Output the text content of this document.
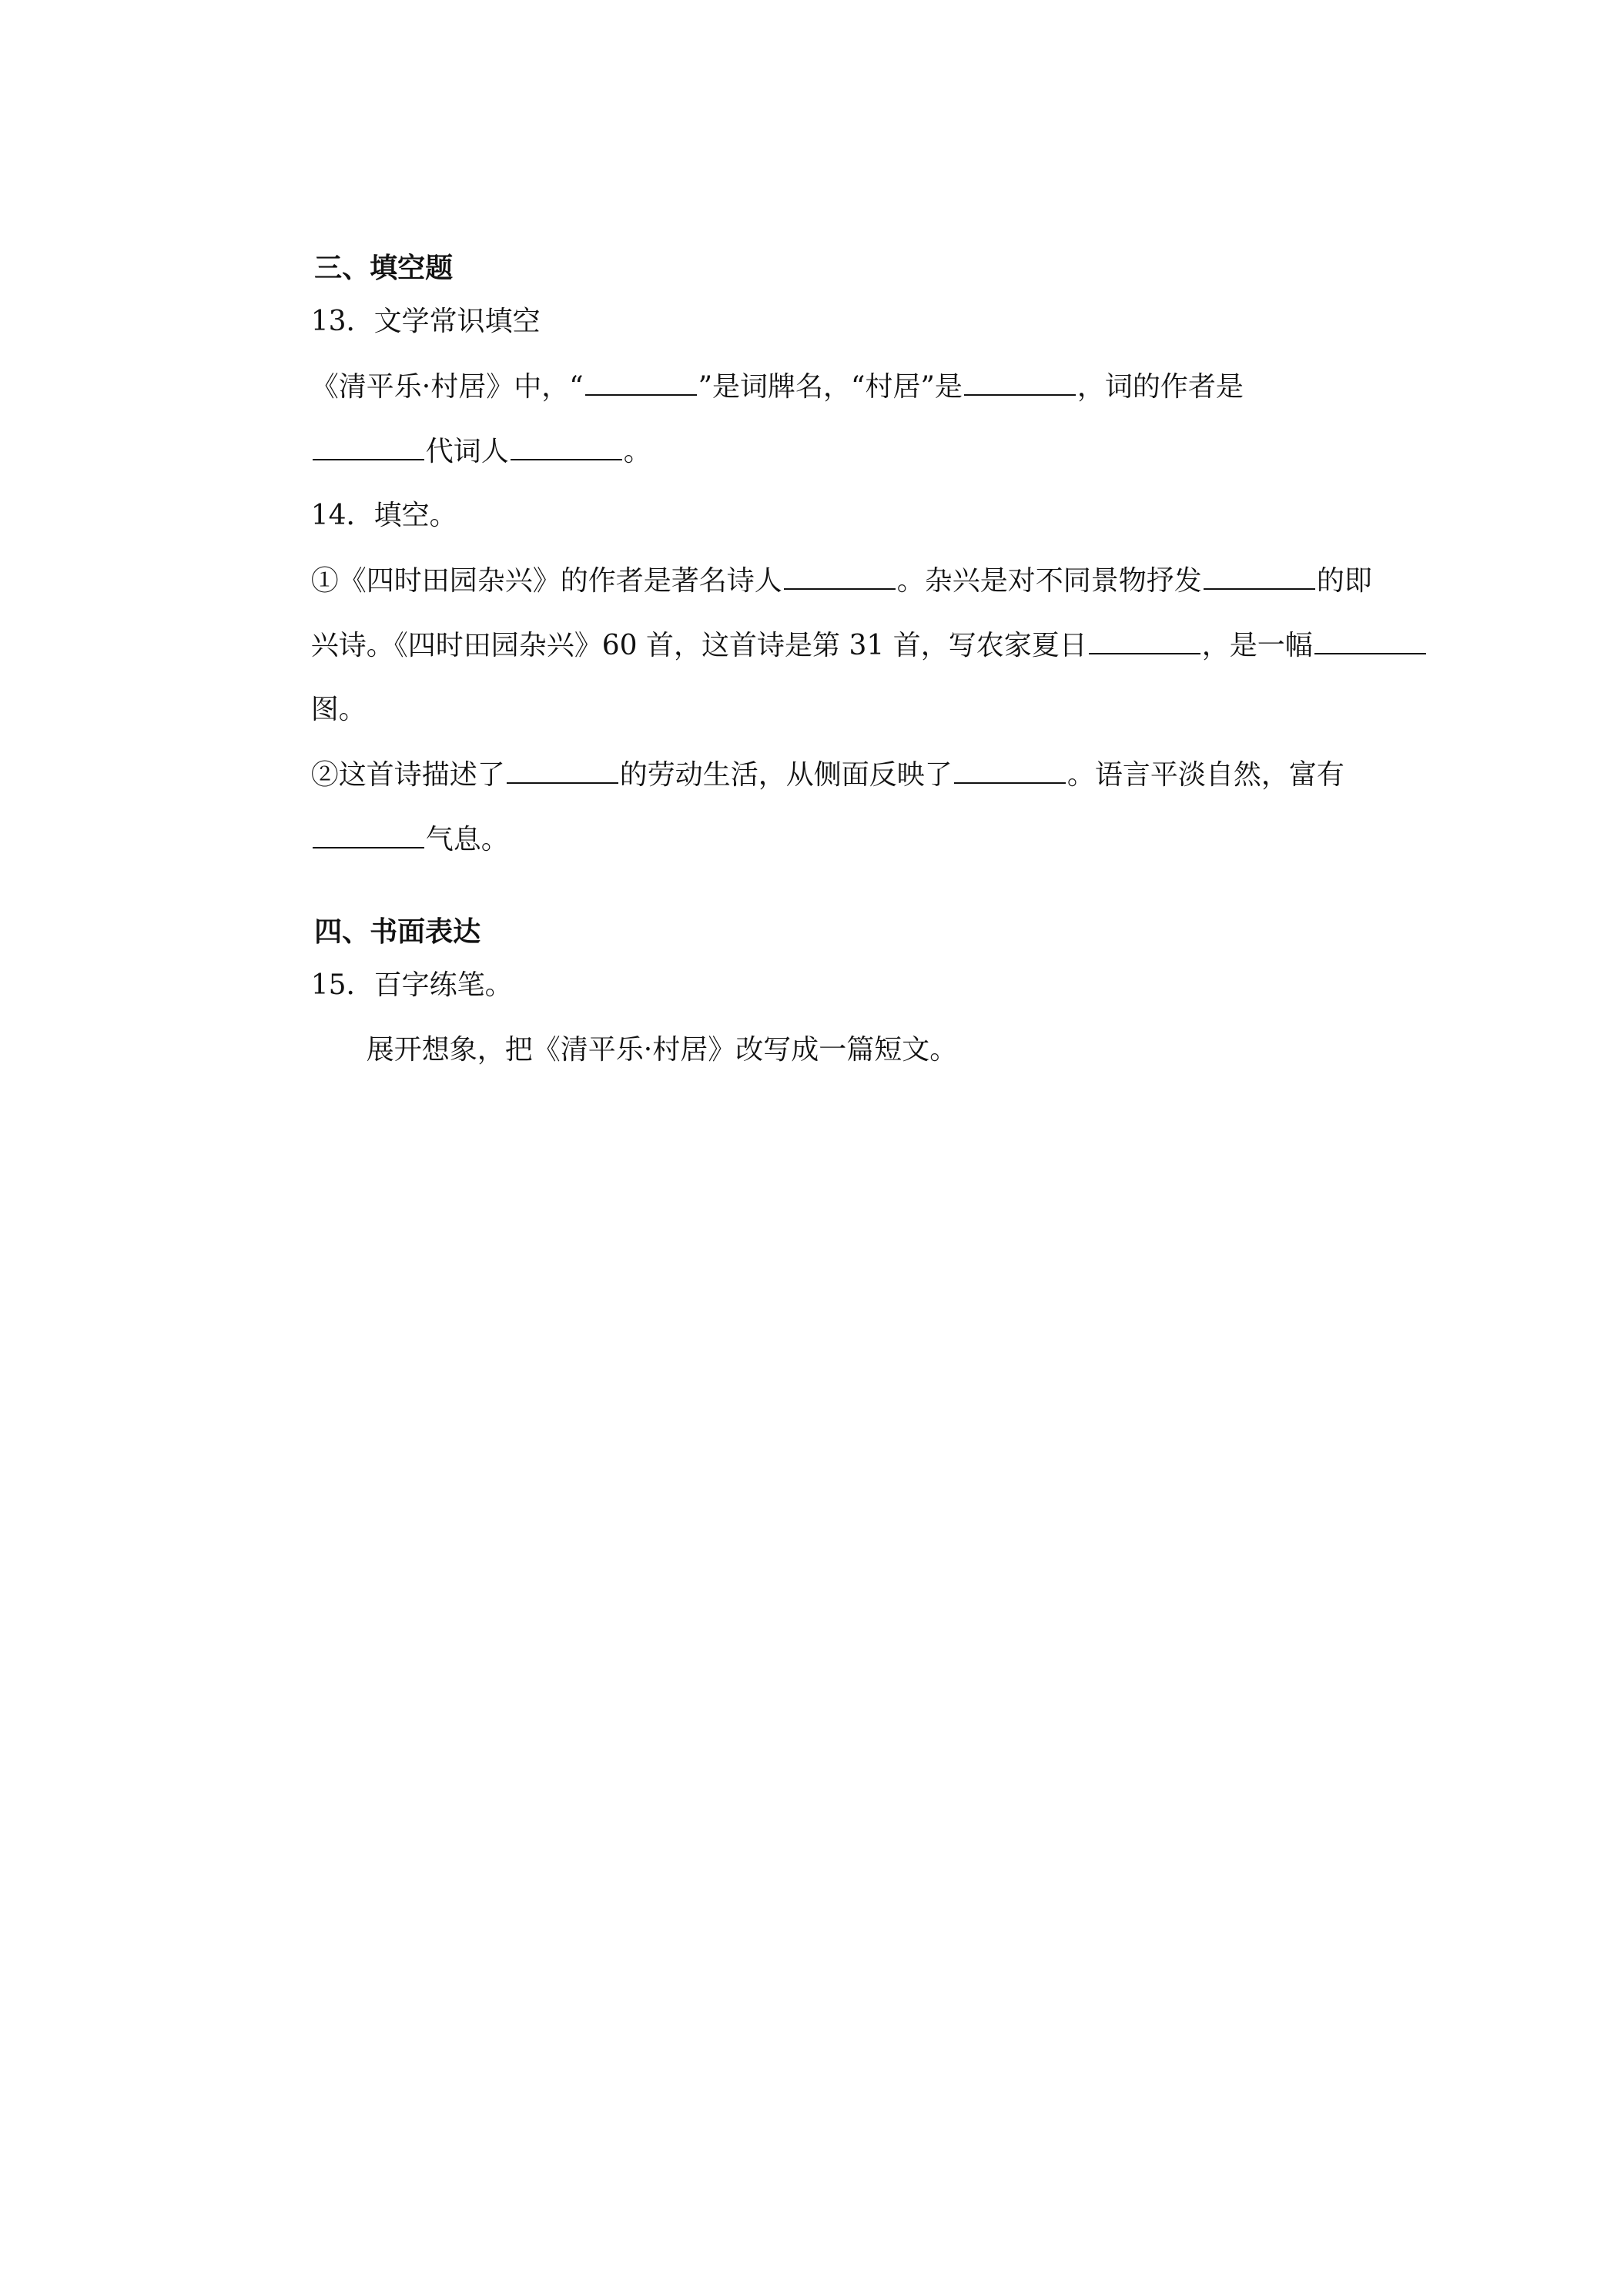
三、填空题

13．文学常识填空

《清平乐·村居》中，“	”是词牌名，“村居”是	，词的作者是

代词人	。

14．填空。

①《四时田园杂兴》的作者是著名诗人	。杂兴是对不同景物抒发	的即

兴诗。《四时田园杂兴》60 首，这首诗是第 31 首，写农家夏日	，是一幅

图。

②这首诗描述了	的劳动生活，从侧面反映了	。语言平淡自然，富有

气息。

四、书面表达

15．百字练笔。

展开想象，把《清平乐·村居》改写成一篇短文。
